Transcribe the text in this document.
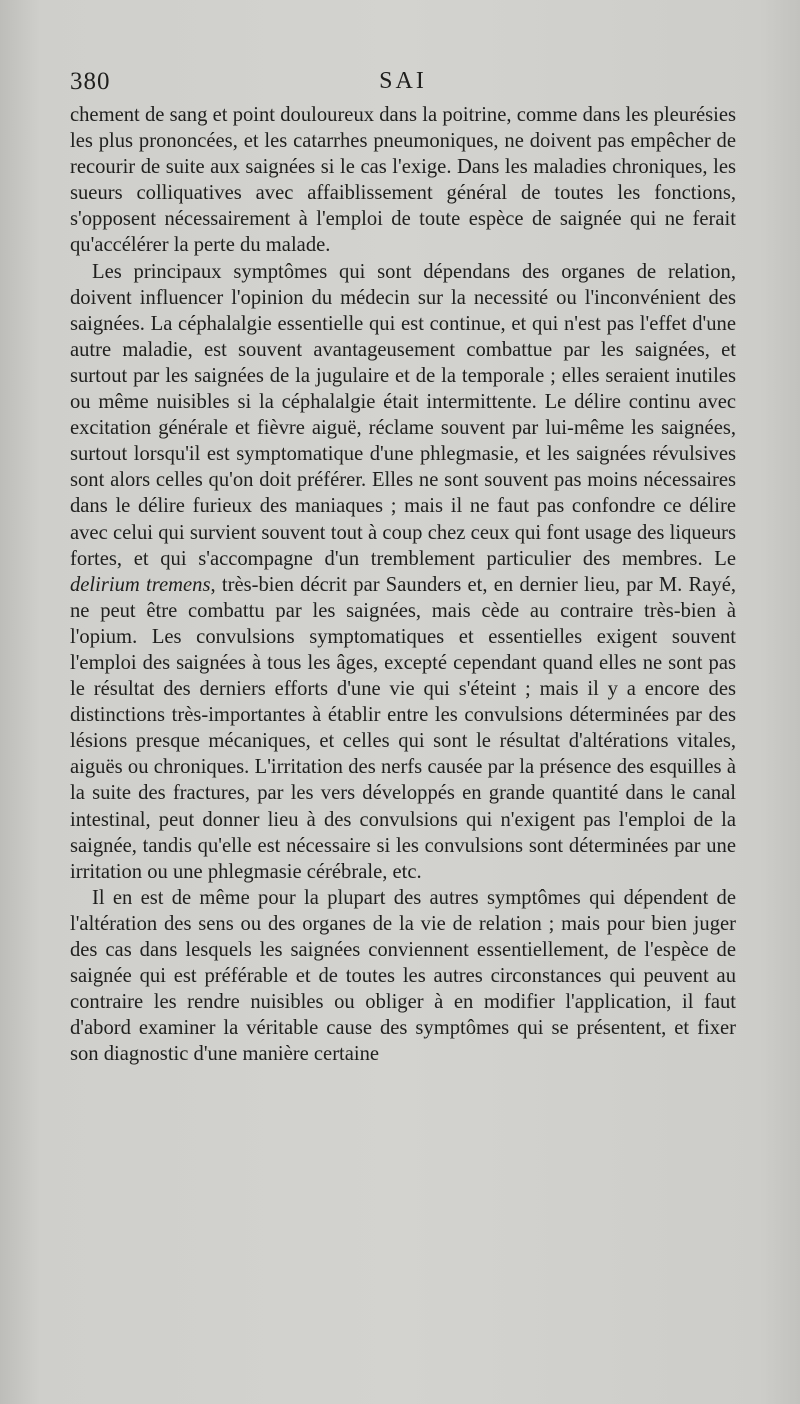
380	SAI

chement de sang et point douloureux dans la poitrine, comme dans les pleurésies les plus prononcées, et les catarrhes pneumoniques, ne doivent pas empêcher de recourir de suite aux saignées si le cas l'exige. Dans les maladies chroniques, les sueurs colliquatives avec affaiblissement général de toutes les fonctions, s'opposent nécessairement à l'emploi de toute espèce de saignée qui ne ferait qu'accélérer la perte du malade.

Les principaux symptômes qui sont dépendans des organes de relation, doivent influencer l'opinion du médecin sur la necessité ou l'inconvénient des saignées. La céphalalgie essentielle qui est continue, et qui n'est pas l'effet d'une autre maladie, est souvent avantageusement combattue par les saignées, et surtout par les saignées de la jugulaire et de la temporale ; elles seraient inutiles ou même nuisibles si la céphalalgie était intermittente. Le délire continu avec excitation générale et fièvre aiguë, réclame souvent par lui-même les saignées, surtout lorsqu'il est symptomatique d'une phlegmasie, et les saignées révulsives sont alors celles qu'on doit préférer. Elles ne sont souvent pas moins nécessaires dans le délire furieux des maniaques ; mais il ne faut pas confondre ce délire avec celui qui survient souvent tout à coup chez ceux qui font usage des liqueurs fortes, et qui s'accompagne d'un tremblement particulier des membres. Le delirium tremens, très-bien décrit par Saunders et, en dernier lieu, par M. Rayé, ne peut être combattu par les saignées, mais cède au contraire très-bien à l'opium. Les convulsions symptomatiques et essentielles exigent souvent l'emploi des saignées à tous les âges, excepté cependant quand elles ne sont pas le résultat des derniers efforts d'une vie qui s'éteint ; mais il y a encore des distinctions très-importantes à établir entre les convulsions déterminées par des lésions presque mécaniques, et celles qui sont le résultat d'altérations vitales, aiguës ou chroniques. L'irritation des nerfs causée par la présence des esquilles à la suite des fractures, par les vers développés en grande quantité dans le canal intestinal, peut donner lieu à des convulsions qui n'exigent pas l'emploi de la saignée, tandis qu'elle est nécessaire si les convulsions sont déterminées par une irritation ou une phlegmasie cérébrale, etc.

Il en est de même pour la plupart des autres symptômes qui dépendent de l'altération des sens ou des organes de la vie de relation ; mais pour bien juger des cas dans lesquels les saignées conviennent essentiellement, de l'espèce de saignée qui est préférable et de toutes les autres circonstances qui peuvent au contraire les rendre nuisibles ou obliger à en modifier l'application, il faut d'abord examiner la véritable cause des symptômes qui se présentent, et fixer son diagnostic d'une manière certaine
